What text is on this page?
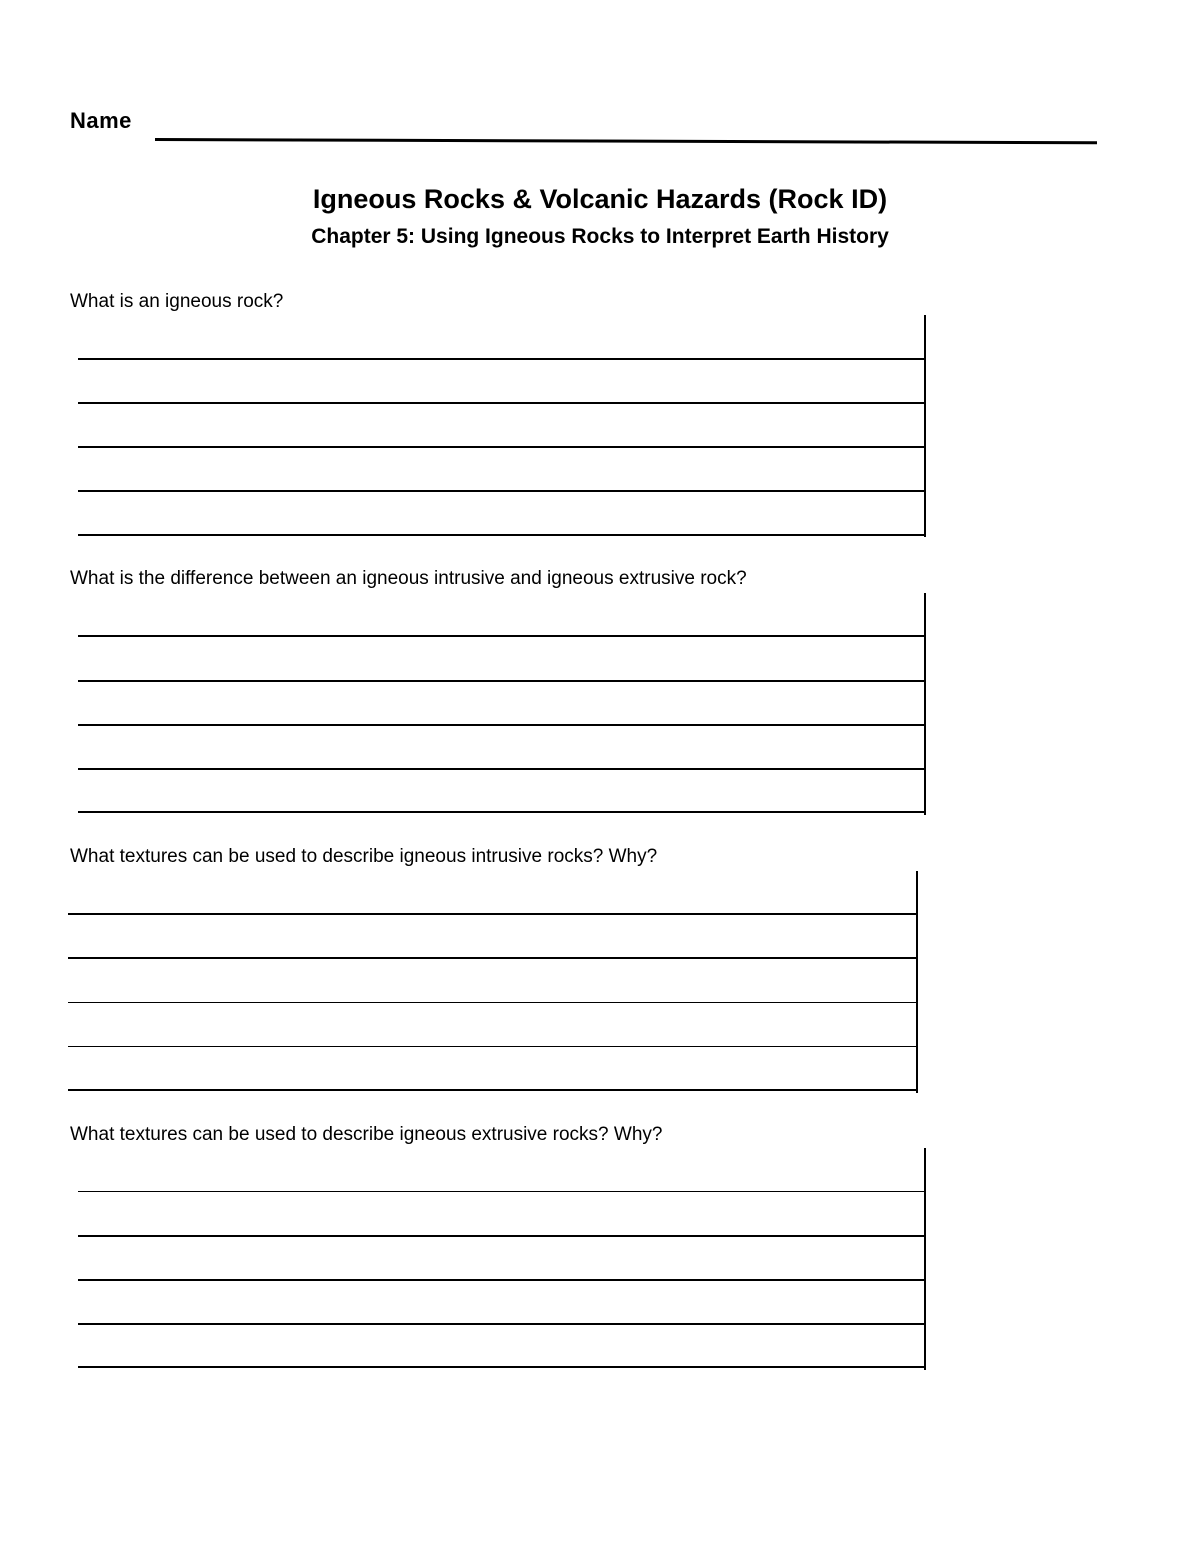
Name
Igneous Rocks & Volcanic Hazards (Rock ID)
Chapter 5: Using Igneous Rocks to Interpret Earth History
What is an igneous rock?
What is the difference between an igneous intrusive and igneous extrusive rock?
What textures can be used to describe igneous intrusive rocks? Why?
What textures can be used to describe igneous extrusive rocks? Why?
